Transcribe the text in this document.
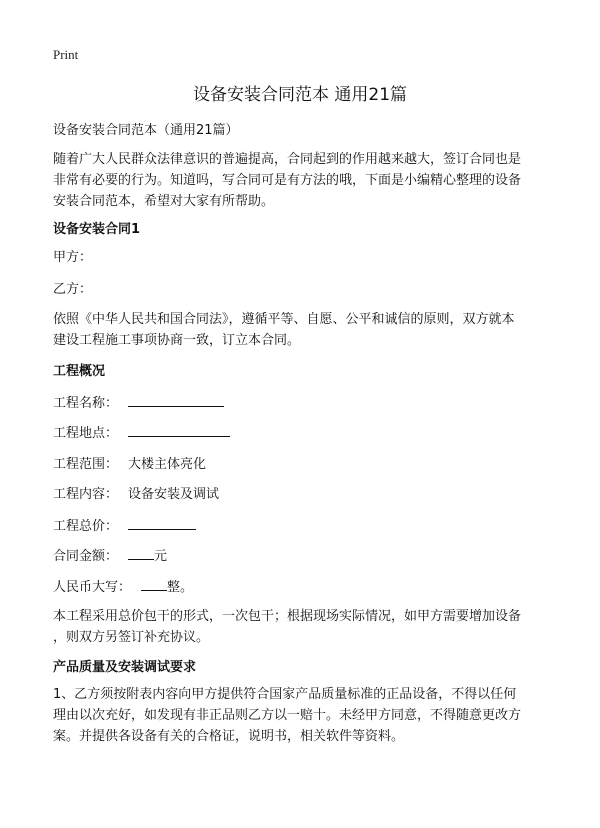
Print
设备安装合同范本 通用21篇

设备安装合同范本（通用21篇）

随着广大人民群众法律意识的普遍提高，合同起到的作用越来越大，签订合同也是
非常有必要的行为。知道吗，写合同可是有方法的哦，下面是小编精心整理的设备
安装合同范本，希望对大家有所帮助。
设备安装合同1

甲方：

乙方：

依照《中华人民共和国合同法》，遵循平等、自愿、公平和诚信的原则，双方就本
建设工程施工事项协商一致，订立本合同。
工程概况

工程名称：

工程地点：

工程范围： 大楼主体亮化

工程内容： 设备安装及调试

工程总价：

合同金额：	元

人民币大写：	整。

本工程采用总价包干的形式，一次包干；根据现场实际情况，如甲方需要增加设备
，则双方另签订补充协议。
产品质量及安装调试要求
1、乙方须按附表内容向甲方提供符合国家产品质量标准的正品设备，不得以任何
理由以次充好，如发现有非正品则乙方以一赔十。未经甲方同意，不得随意更改方
案。并提供各设备有关的合格证，说明书，相关软件等资料。
